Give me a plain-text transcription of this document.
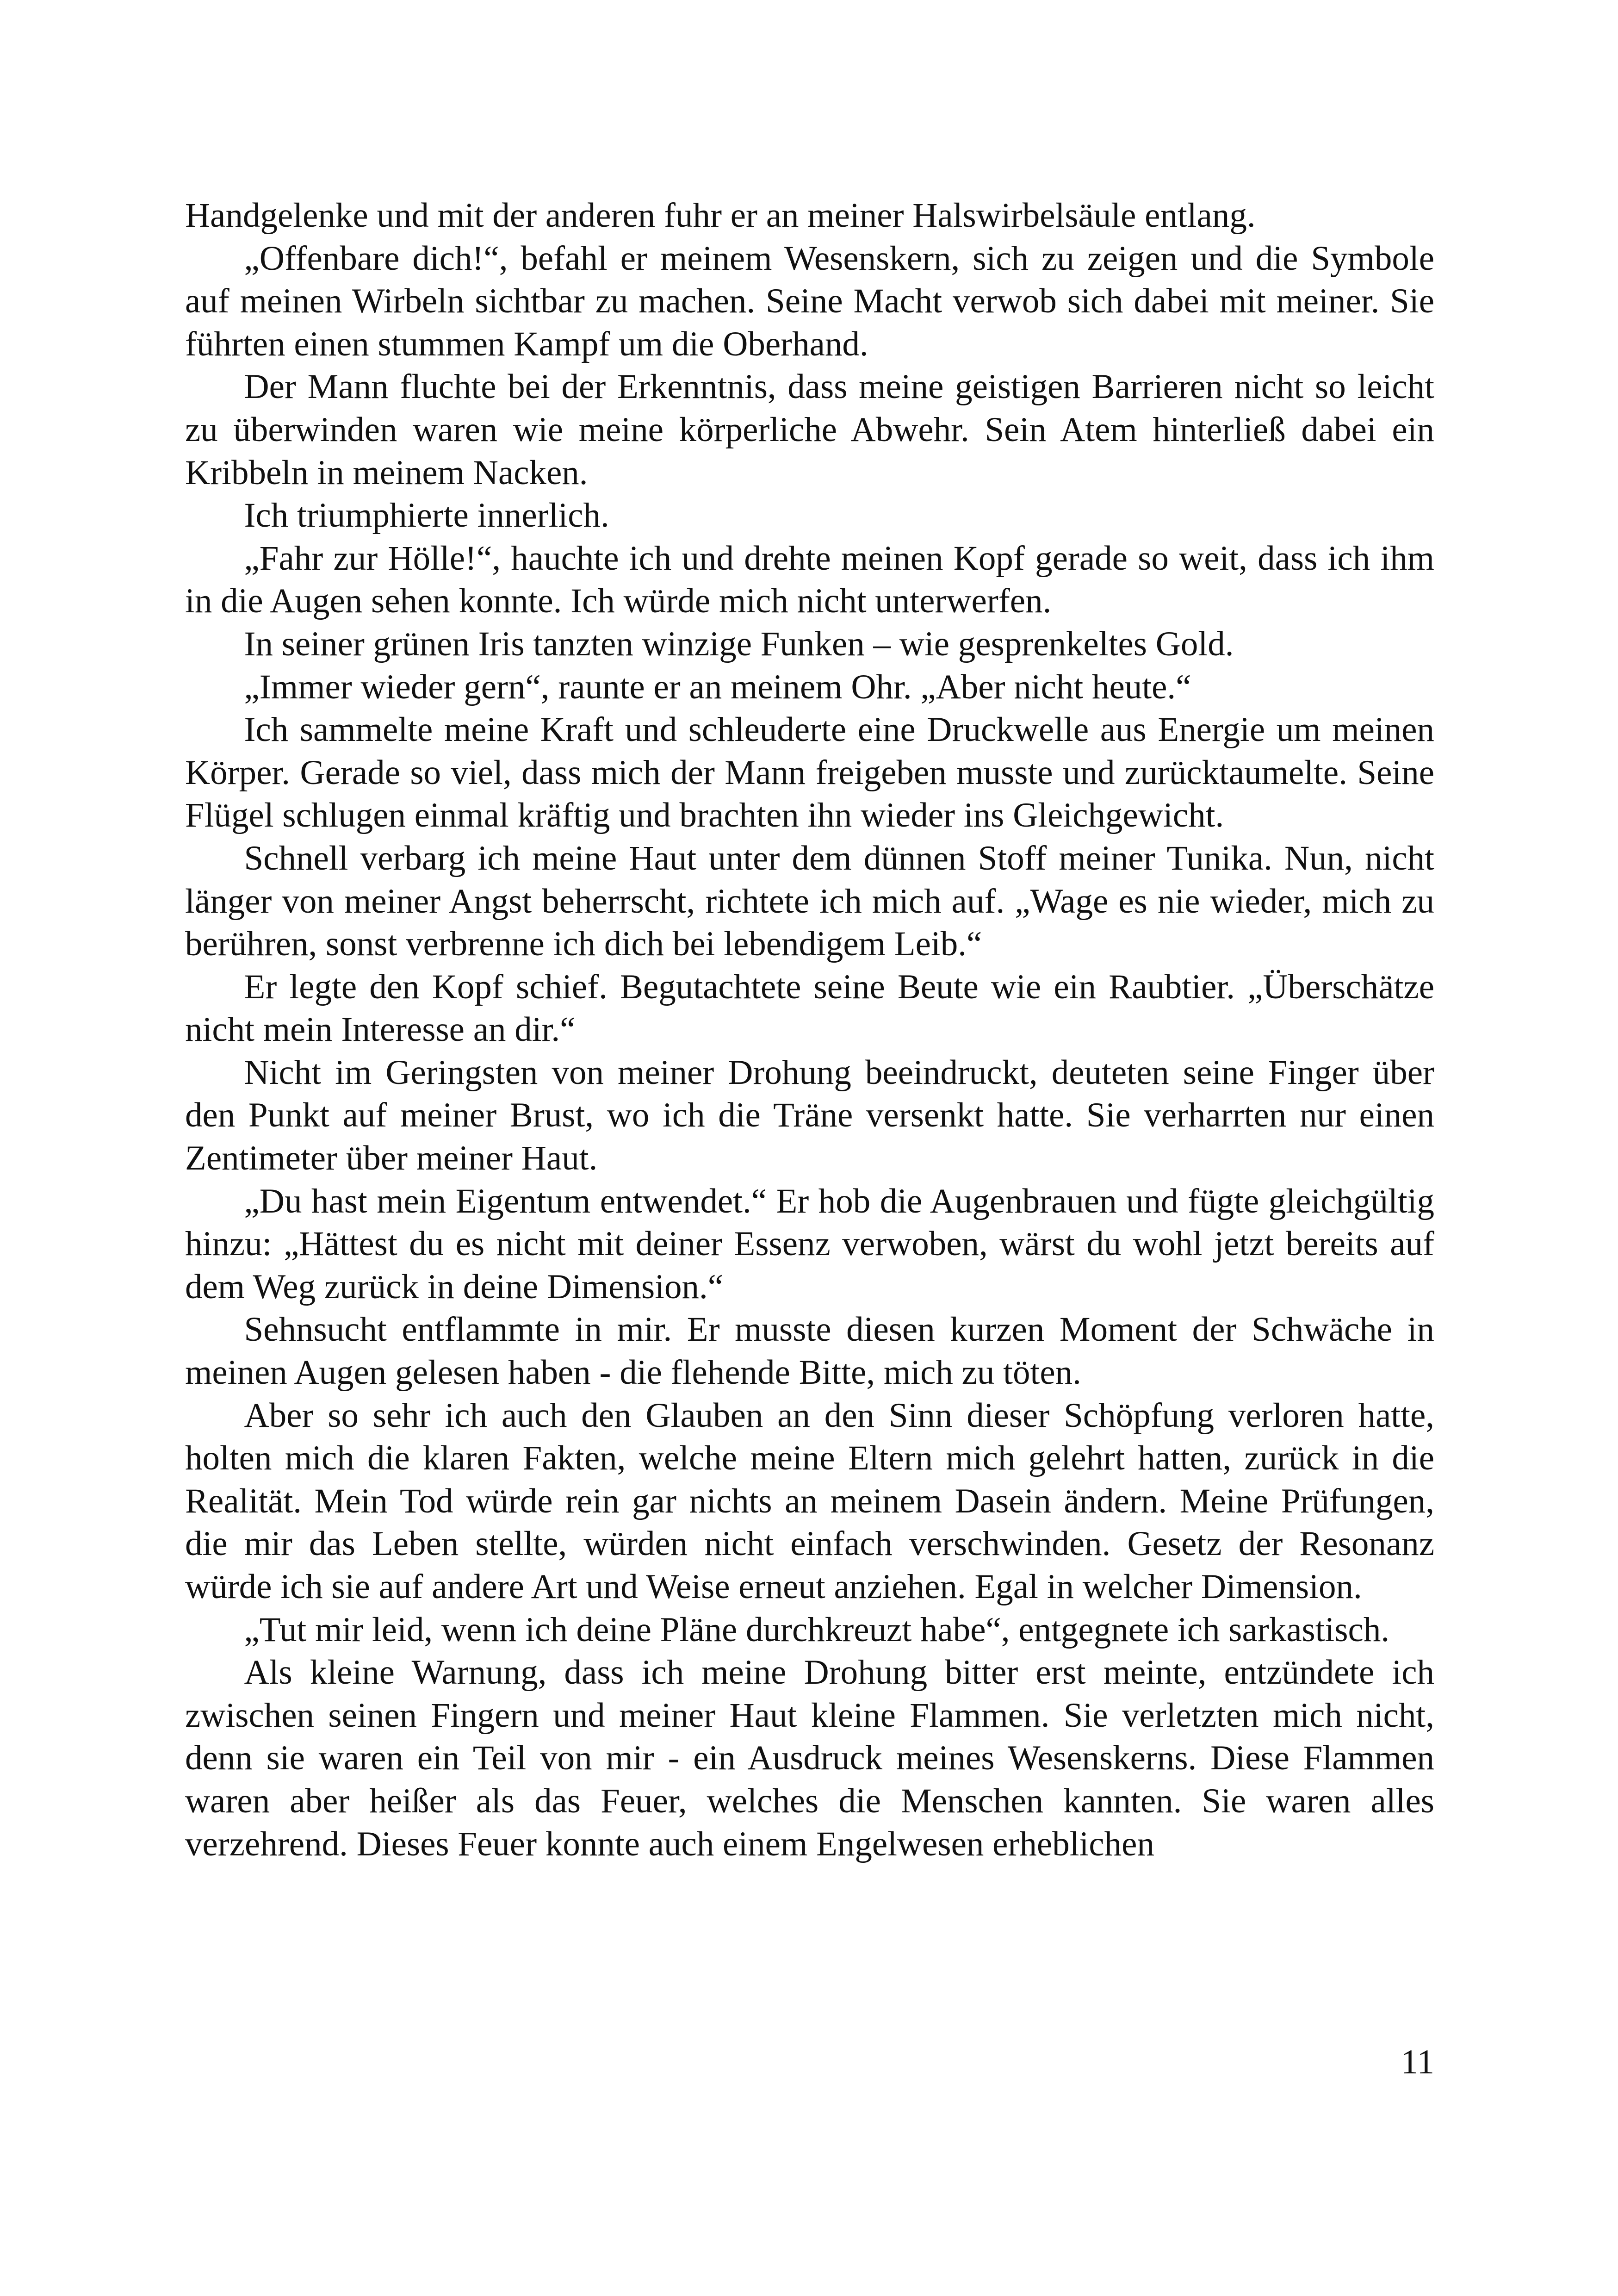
Handgelenke und mit der anderen fuhr er an meiner Halswirbelsäule entlang.

„Offenbare dich!“, befahl er meinem Wesenskern, sich zu zeigen und die Symbole auf meinen Wirbeln sichtbar zu machen. Seine Macht verwob sich dabei mit meiner. Sie führten einen stummen Kampf um die Oberhand.

Der Mann fluchte bei der Erkenntnis, dass meine geistigen Barrieren nicht so leicht zu überwinden waren wie meine körperliche Abwehr. Sein Atem hinterließ dabei ein Kribbeln in meinem Nacken.

Ich triumphierte innerlich.

„Fahr zur Hölle!“, hauchte ich und drehte meinen Kopf gerade so weit, dass ich ihm in die Augen sehen konnte. Ich würde mich nicht unterwerfen.

In seiner grünen Iris tanzten winzige Funken – wie gesprenkeltes Gold.

„Immer wieder gern“, raunte er an meinem Ohr. „Aber nicht heute.“

Ich sammelte meine Kraft und schleuderte eine Druckwelle aus Energie um meinen Körper. Gerade so viel, dass mich der Mann freigeben musste und zurücktaumelte. Seine Flügel schlugen einmal kräftig und brachten ihn wieder ins Gleichgewicht.

Schnell verbarg ich meine Haut unter dem dünnen Stoff meiner Tunika. Nun, nicht länger von meiner Angst beherrscht, richtete ich mich auf. „Wage es nie wieder, mich zu berühren, sonst verbrenne ich dich bei lebendigem Leib.“

Er legte den Kopf schief. Begutachtete seine Beute wie ein Raubtier. „Überschätze nicht mein Interesse an dir.“

Nicht im Geringsten von meiner Drohung beeindruckt, deuteten seine Finger über den Punkt auf meiner Brust, wo ich die Träne versenkt hatte. Sie verharrten nur einen Zentimeter über meiner Haut.

„Du hast mein Eigentum entwendet.“ Er hob die Augenbrauen und fügte gleichgültig hinzu: „Hättest du es nicht mit deiner Essenz verwoben, wärst du wohl jetzt bereits auf dem Weg zurück in deine Dimension.“

Sehnsucht entflammte in mir. Er musste diesen kurzen Moment der Schwäche in meinen Augen gelesen haben - die flehende Bitte, mich zu töten.

Aber so sehr ich auch den Glauben an den Sinn dieser Schöpfung verloren hatte, holten mich die klaren Fakten, welche meine Eltern mich gelehrt hatten, zurück in die Realität. Mein Tod würde rein gar nichts an meinem Dasein ändern. Meine Prüfungen, die mir das Leben stellte, würden nicht einfach verschwinden. Gesetz der Resonanz würde ich sie auf andere Art und Weise erneut anziehen. Egal in welcher Dimension.

„Tut mir leid, wenn ich deine Pläne durchkreuzt habe“, entgegnete ich sarkastisch.

Als kleine Warnung, dass ich meine Drohung bitter erst meinte, entzündete ich zwischen seinen Fingern und meiner Haut kleine Flammen. Sie verletzten mich nicht, denn sie waren ein Teil von mir - ein Ausdruck meines Wesenskerns. Diese Flammen waren aber heißer als das Feuer, welches die Menschen kannten. Sie waren alles verzehrend. Dieses Feuer konnte auch einem Engelwesen erheblichen

11
